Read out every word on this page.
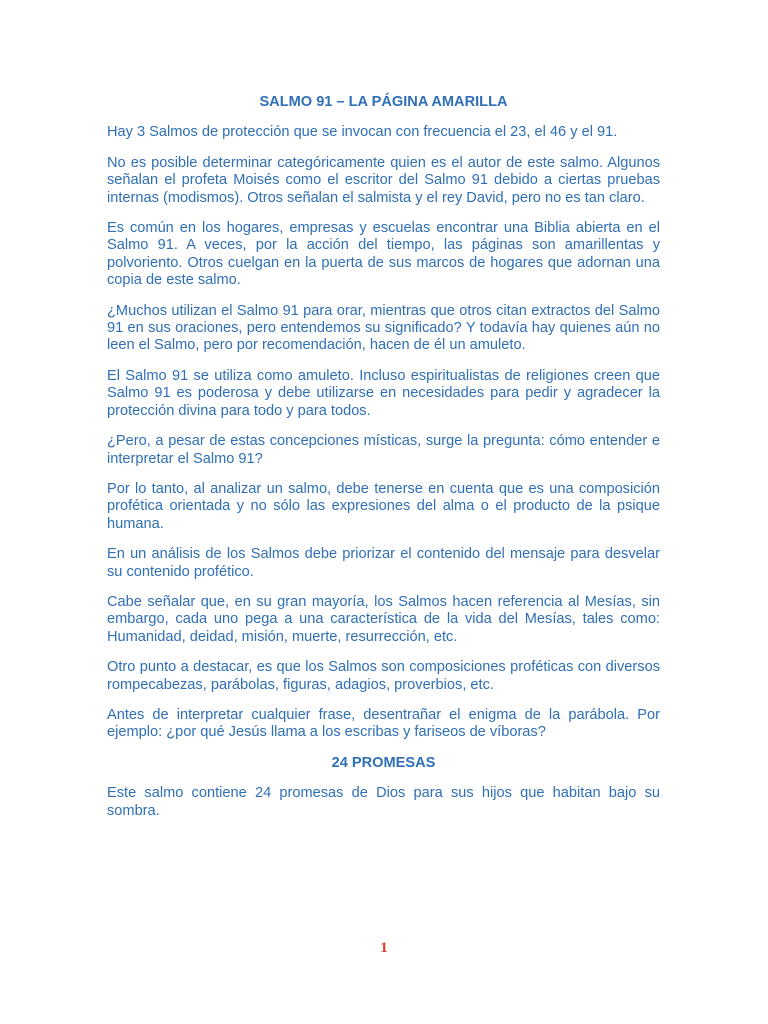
SALMO 91 – LA PÁGINA AMARILLA

Hay 3 Salmos de protección que se invocan con frecuencia el 23, el 46 y el 91.

No es posible determinar categóricamente quien es el autor de este salmo. Algunos señalan el profeta Moisés como el escritor del Salmo 91 debido a ciertas pruebas internas (modismos). Otros señalan el salmista y el rey David, pero no es tan claro.

Es común en los hogares, empresas y escuelas encontrar una Biblia abierta en el Salmo 91. A veces, por la acción del tiempo, las páginas son amarillentas y polvoriento. Otros cuelgan en la puerta de sus marcos de hogares que adornan una copia de este salmo.

¿Muchos utilizan el Salmo 91 para orar, mientras que otros citan extractos del Salmo 91 en sus oraciones, pero entendemos su significado? Y todavía hay quienes aún no leen el Salmo, pero por recomendación, hacen de él un amuleto.

El Salmo 91 se utiliza como amuleto. Incluso espiritualistas de religiones creen que Salmo 91 es poderosa y debe utilizarse en necesidades para pedir y agradecer la protección divina para todo y para todos.

¿Pero, a pesar de estas concepciones místicas, surge la pregunta: cómo entender e interpretar el Salmo 91?

Por lo tanto, al analizar un salmo, debe tenerse en cuenta que es una composición profética orientada y no sólo las expresiones del alma o el producto de la psique humana.

En un análisis de los Salmos debe priorizar el contenido del mensaje para desvelar su contenido profético.

Cabe señalar que, en su gran mayoría, los Salmos hacen referencia al Mesías, sin embargo, cada uno pega a una característica de la vida del Mesías, tales como: Humanidad, deidad, misión, muerte, resurrección, etc.

Otro punto a destacar, es que los Salmos son composiciones proféticas con diversos rompecabezas, parábolas, figuras, adagios, proverbios, etc.

Antes de interpretar cualquier frase, desentrañar el enigma de la parábola. Por ejemplo: ¿por qué Jesús llama a los escribas y fariseos de víboras?

24 PROMESAS

Este salmo contiene 24 promesas de Dios para sus hijos que habitan bajo su sombra.

1
